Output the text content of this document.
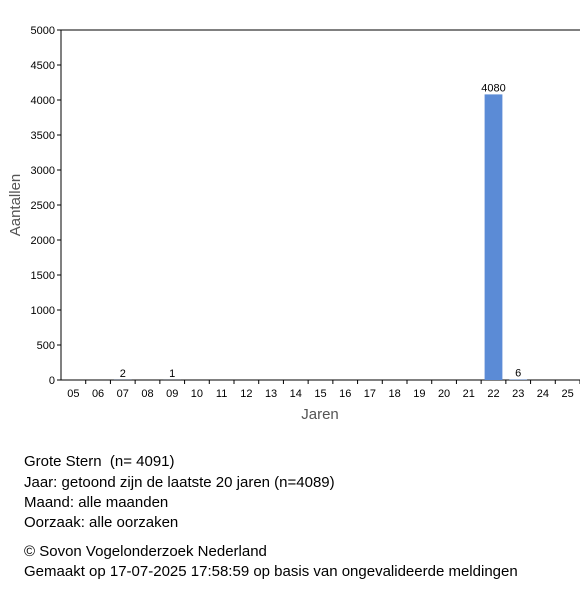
0
500
1000
1500
2000
2500
3000
3500
4000
4500
5000
05 06 07 08 09 10 11 12 13 14 15 16 17 18 19 20 21 22 23 24 25
2	1
4080
6
Aantallen
Jaren
Grote Stern  (n= 4091)
Jaar: getoond zijn de laatste 20 jaren (n=4089)
Maand: alle maanden
Oorzaak: alle oorzaken
© Sovon Vogelonderzoek Nederland
Gemaakt op 17-07-2025 17:58:59 op basis van ongevalideerde meldingen
